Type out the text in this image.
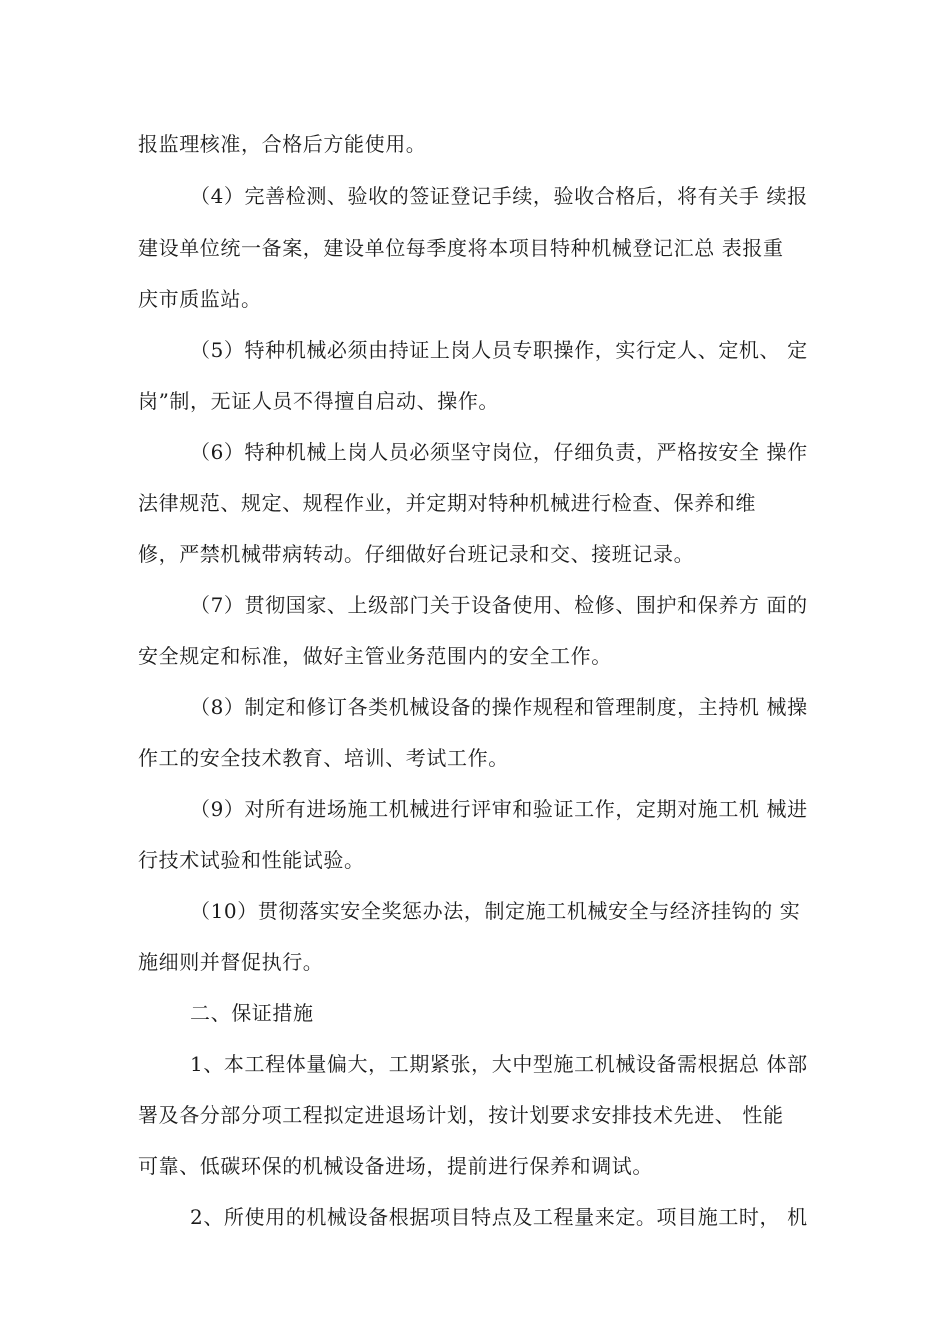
报监理核准，合格后方能使用。
（4）完善检测、验收的签证登记手续，验收合格后，将有关手 续报
建设单位统一备案，建设单位每季度将本项目特种机械登记汇总 表报重
庆市质监站。
（5）特种机械必须由持证上岗人员专职操作，实行定人、定机、 定
岗”制，无证人员不得擅自启动、操作。
（6）特种机械上岗人员必须坚守岗位，仔细负责，严格按安全 操作
法律规范、规定、规程作业，并定期对特种机械进行检查、保养和维
修，严禁机械带病转动。仔细做好台班记录和交、接班记录。
（7）贯彻国家、上级部门关于设备使用、检修、围护和保养方 面的
安全规定和标准，做好主管业务范围内的安全工作。
（8）制定和修订各类机械设备的操作规程和管理制度，主持机 械操
作工的安全技术教育、培训、考试工作。
（9）对所有进场施工机械进行评审和验证工作，定期对施工机 械进
行技术试验和性能试验。
（10）贯彻落实安全奖惩办法，制定施工机械安全与经济挂钩的 实
施细则并督促执行。
二、保证措施
1、本工程体量偏大，工期紧张，大中型施工机械设备需根据总 体部
署及各分部分项工程拟定进退场计划，按计划要求安排技术先进、 性能
可靠、低碳环保的机械设备进场，提前进行保养和调试。
2、所使用的机械设备根据项目特点及工程量来定。项目施工时， 机
